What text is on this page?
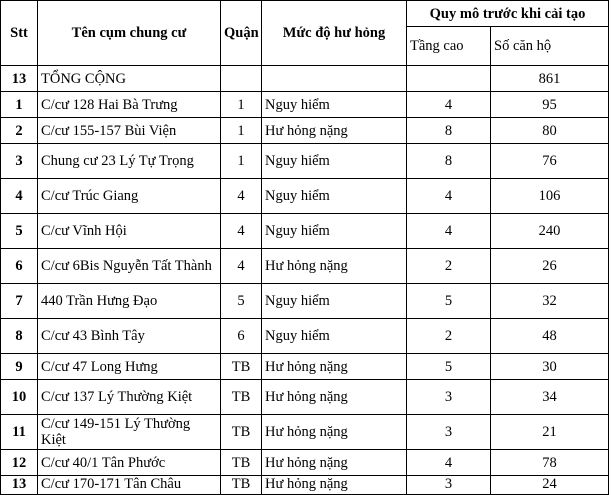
Stt	Tên cụm chung cư	Quận	Mức độ hư hỏng	Quy mô trước khi cải tạo	
				Tầng cao	Số căn hộ
13	TỔNG CỘNG				861
1	C/cư 128 Hai Bà Trưng	1	Nguy hiểm	4	95
2	C/cư 155-157 Bùi Viện	1	Hư hỏng nặng	8	80
3	Chung cư 23 Lý Tự Trọng	1	Nguy hiểm	8	76
4	C/cư Trúc Giang	4	Nguy hiểm	4	106
5	C/cư Vĩnh Hội	4	Nguy hiểm	4	240
6	C/cư 6Bis Nguyễn Tất Thành	4	Hư hỏng nặng	2	26
7	440 Trần Hưng Đạo	5	Nguy hiểm	5	32
8	C/cư 43 Bình Tây	6	Nguy hiểm	2	48
9	C/cư 47 Long Hưng	TB	Hư hỏng nặng	5	30
10	C/cư 137 Lý Thường Kiệt	TB	Hư hỏng nặng	3	34
11	C/cư 149-151 Lý Thường Kiệt	TB	Hư hỏng nặng	3	21
12	C/cư 40/1 Tân Phước	TB	Hư hỏng nặng	4	78
13	C/cư 170-171 Tân Châu	TB	Hư hỏng nặng	3	24
